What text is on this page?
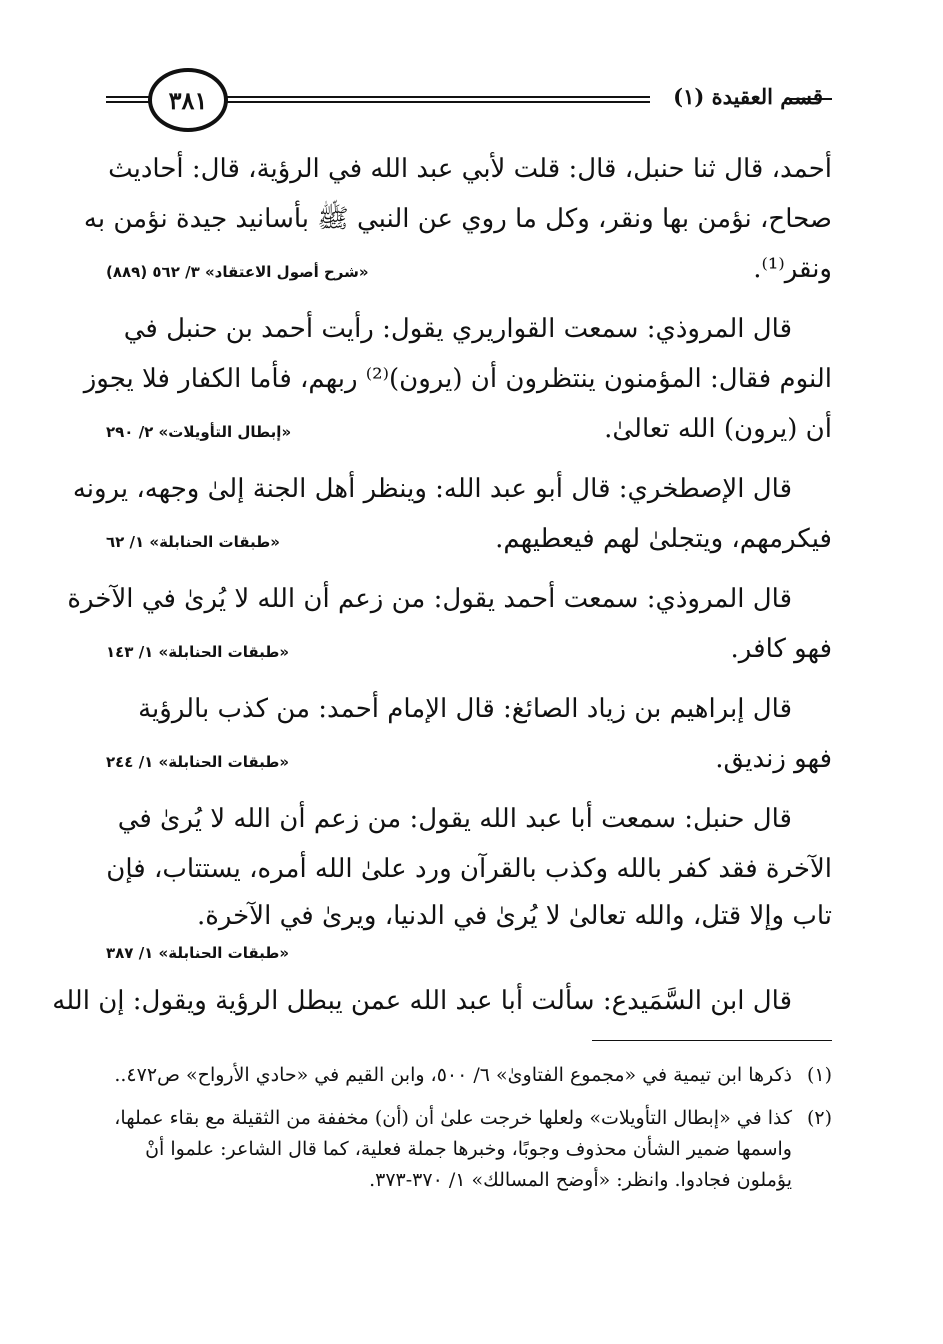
٣٨١	قسم العقيدة (١)
أحمد، قال ثنا حنبل، قال: قلت لأبي عبد الله في الرؤية، قال: أحاديث
صحاح، نؤمن بها ونقر، وكل ما روي عن النبي ﷺ بأسانيد جيدة نؤمن به
ونقر⁽¹⁾.
«شرح أصول الاعتقاد» ٣/ ٥٦٢ (٨٨٩)
قال المروذي: سمعت القواريري يقول: رأيت أحمد بن حنبل في
النوم فقال: المؤمنون ينتظرون أن (يرون)⁽²⁾ ربهم، فأما الكفار فلا يجوز
أن (يرون) الله تعالىٰ.
«إبطال التأويلات» ٢/ ٢٩٠
قال الإصطخري: قال أبو عبد الله: وينظر أهل الجنة إلىٰ وجهه، يرونه
فيكرمهم، ويتجلىٰ لهم فيعطيهم.
«طبقات الحنابلة» ١/ ٦٢
قال المروذي: سمعت أحمد يقول: من زعم أن الله لا يُرىٰ في الآخرة
فهو كافر.
«طبقات الحنابلة» ١/ ١٤٣
قال إبراهيم بن زياد الصائغ: قال الإمام أحمد: من كذب بالرؤية
فهو زنديق.
«طبقات الحنابلة» ١/ ٢٤٤
قال حنبل: سمعت أبا عبد الله يقول: من زعم أن الله لا يُرىٰ في
الآخرة فقد كفر بالله وكذب بالقرآن ورد علىٰ الله أمره، يستتاب، فإن
تاب وإلا قتل، والله تعالىٰ لا يُرىٰ في الدنيا، ويرىٰ في الآخرة.
«طبقات الحنابلة» ١/ ٣٨٧
قال ابن السَّمَيدع: سألت أبا عبد الله عمن يبطل الرؤية ويقول: إن الله
(١)
ذكرها ابن تيمية في «مجموع الفتاوىٰ» ٦/ ٥٠٠، وابن القيم في «حادي الأرواح» ص٤٧٢..
(٢)
كذا في «إبطال التأويلات» ولعلها خرجت علىٰ أن (أن) مخففة من الثقيلة مع بقاء عملها، واسمها ضمير الشأن محذوف وجوبًا، وخبرها جملة فعلية، كما قال الشاعر: علموا أنْ يؤملون فجادوا. وانظر: «أوضح المسالك» ١/ ٣٧٠-٣٧٣.
